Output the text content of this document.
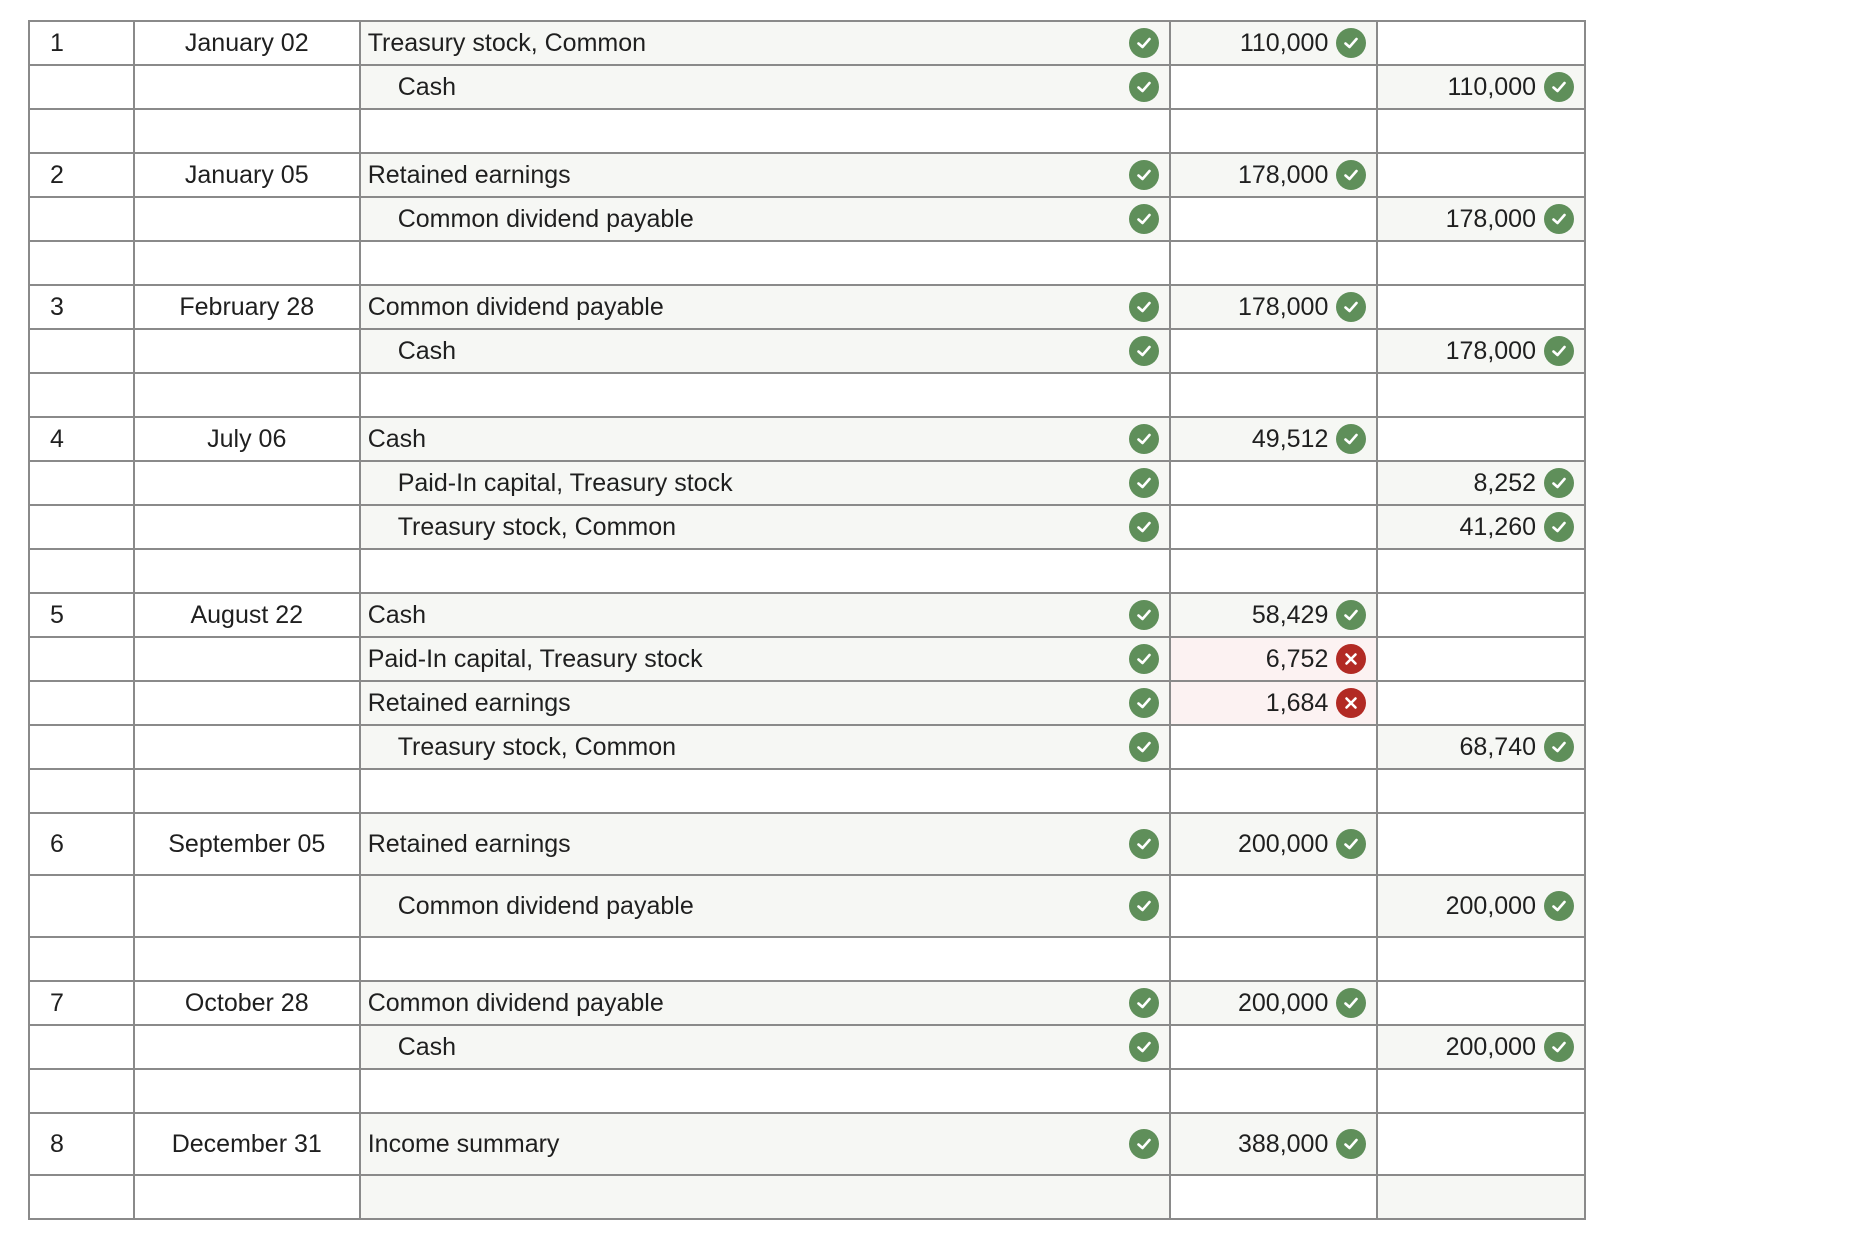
1	January 02	Treasury stock, Common	110,000	

		Cash		110,000

2	January 05	Retained earnings	178,000	

		Common dividend payable		178,000

3	February 28	Common dividend payable	178,000	

		Cash		178,000

4	July 06	Cash	49,512	

		Paid-In capital, Treasury stock		8,252

		Treasury stock, Common		41,260

5	August 22	Cash	58,429	

		Paid-In capital, Treasury stock	6,752	

		Retained earnings	1,684	

		Treasury stock, Common		68,740

6	September 05	Retained earnings	200,000	

		Common dividend payable		200,000

7	October 28	Common dividend payable	200,000	

		Cash		200,000

8	December 31	Income summary	388,000	
